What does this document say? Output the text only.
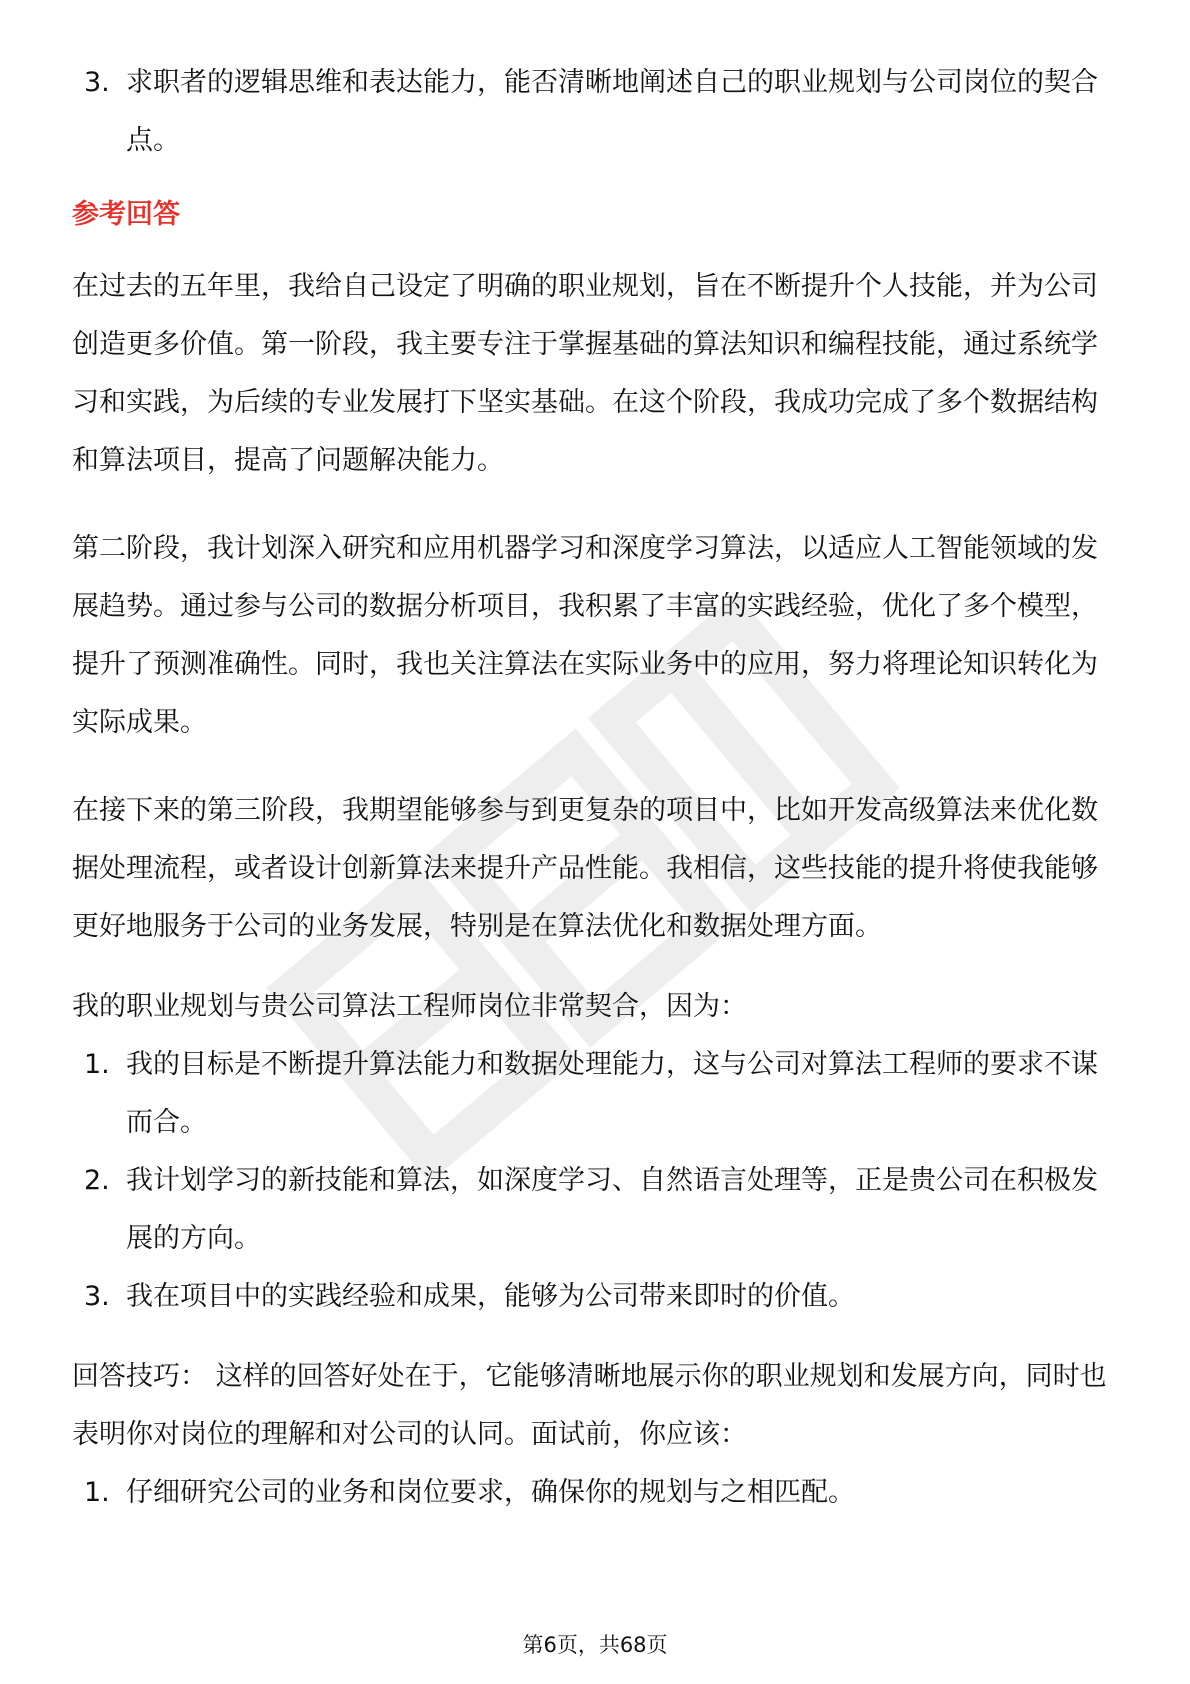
3. 求职者的逻辑思维和表达能力，能否清晰地阐述自己的职业规划与公司岗位的契合点。
参考回答

在过去的五年里，我给自己设定了明确的职业规划，旨在不断提升个人技能，并为公司创造更多价值。第一阶段，我主要专注于掌握基础的算法知识和编程技能，通过系统学习和实践，为后续的专业发展打下坚实基础。在这个阶段，我成功完成了多个数据结构和算法项目，提高了问题解决能力。

第二阶段，我计划深入研究和应用机器学习和深度学习算法，以适应人工智能领域的发展趋势。通过参与公司的数据分析项目，我积累了丰富的实践经验，优化了多个模型，提升了预测准确性。同时，我也关注算法在实际业务中的应用，努力将理论知识转化为实际成果。

在接下来的第三阶段，我期望能够参与到更复杂的项目中，比如开发高级算法来优化数据处理流程，或者设计创新算法来提升产品性能。我相信，这些技能的提升将使我能够更好地服务于公司的业务发展，特别是在算法优化和数据处理方面。

我的职业规划与贵公司算法工程师岗位非常契合，因为：

1. 我的目标是不断提升算法能力和数据处理能力，这与公司对算法工程师的要求不谋而合。
2. 我计划学习的新技能和算法，如深度学习、自然语言处理等，正是贵公司在积极发展的方向。
3. 我在项目中的实践经验和成果，能够为公司带来即时的价值。

回答技巧： 这样的回答好处在于，它能够清晰地展示你的职业规划和发展方向，同时也表明你对岗位的理解和对公司的认同。面试前，你应该：

1. 仔细研究公司的业务和岗位要求，确保你的规划与之相匹配。
第6页，共68页
